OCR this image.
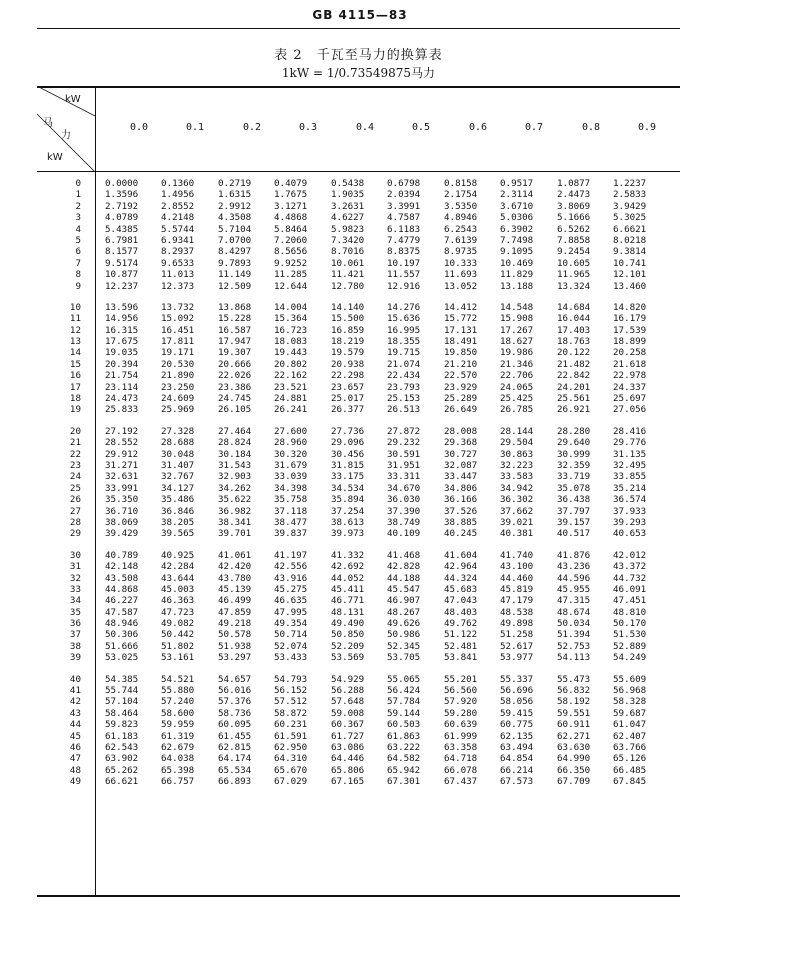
GB 4115—83
表 2　千瓦至马力的换算表
1kW = 1/0.73549875马力
kW
马
力
kW
0.0	0.1	0.2	0.3	0.4	0.5	0.6	0.7	0.8	0.9
0	0.0000	0.1360	0.2719	0.4079	0.5438	0.6798	0.8158	0.9517	1.0877	1.2237
1	1.3596	1.4956	1.6315	1.7675	1.9035	2.0394	2.1754	2.3114	2.4473	2.5833
2	2.7192	2.8552	2.9912	3.1271	3.2631	3.3991	3.5350	3.6710	3.8069	3.9429
3	4.0789	4.2148	4.3508	4.4868	4.6227	4.7587	4.8946	5.0306	5.1666	5.3025
4	5.4385	5.5744	5.7104	5.8464	5.9823	6.1183	6.2543	6.3902	6.5262	6.6621
5	6.7981	6.9341	7.0700	7.2060	7.3420	7.4779	7.6139	7.7498	7.8858	8.0218
6	8.1577	8.2937	8.4297	8.5656	8.7016	8.8375	8.9735	9.1095	9.2454	9.3814
7	9.5174	9.6533	9.7893	9.9252	10.061	10.197	10.333	10.469	10.605	10.741
8	10.877	11.013	11.149	11.285	11.421	11.557	11.693	11.829	11.965	12.101
9	12.237	12.373	12.509	12.644	12.780	12.916	13.052	13.188	13.324	13.460
10	13.596	13.732	13.868	14.004	14.140	14.276	14.412	14.548	14.684	14.820
11	14.956	15.092	15.228	15.364	15.500	15.636	15.772	15.908	16.044	16.179
12	16.315	16.451	16.587	16.723	16.859	16.995	17.131	17.267	17.403	17.539
13	17.675	17.811	17.947	18.083	18.219	18.355	18.491	18.627	18.763	18.899
14	19.035	19.171	19.307	19.443	19.579	19.715	19.850	19.986	20.122	20.258
15	20.394	20.530	20.666	20.802	20.938	21.074	21.210	21.346	21.482	21.618
16	21.754	21.890	22.026	22.162	22.298	22.434	22.570	22.706	22.842	22.978
17	23.114	23.250	23.386	23.521	23.657	23.793	23.929	24.065	24.201	24.337
18	24.473	24.609	24.745	24.881	25.017	25.153	25.289	25.425	25.561	25.697
19	25.833	25.969	26.105	26.241	26.377	26.513	26.649	26.785	26.921	27.056
20	27.192	27.328	27.464	27.600	27.736	27.872	28.008	28.144	28.280	28.416
21	28.552	28.688	28.824	28.960	29.096	29.232	29.368	29.504	29.640	29.776
22	29.912	30.048	30.184	30.320	30.456	30.591	30.727	30.863	30.999	31.135
23	31.271	31.407	31.543	31.679	31.815	31.951	32.087	32.223	32.359	32.495
24	32.631	32.767	32.903	33.039	33.175	33.311	33.447	33.583	33.719	33.855
25	33.991	34.127	34.262	34.398	34.534	34.670	34.806	34.942	35.078	35.214
26	35.350	35.486	35.622	35.758	35.894	36.030	36.166	36.302	36.438	36.574
27	36.710	36.846	36.982	37.118	37.254	37.390	37.526	37.662	37.797	37.933
28	38.069	38.205	38.341	38.477	38.613	38.749	38.885	39.021	39.157	39.293
29	39.429	39.565	39.701	39.837	39.973	40.109	40.245	40.381	40.517	40.653
30	40.789	40.925	41.061	41.197	41.332	41.468	41.604	41.740	41.876	42.012
31	42.148	42.284	42.420	42.556	42.692	42.828	42.964	43.100	43.236	43.372
32	43.508	43.644	43.780	43.916	44.052	44.188	44.324	44.460	44.596	44.732
33	44.868	45.003	45.139	45.275	45.411	45.547	45.683	45.819	45.955	46.091
34	46.227	46.363	46.499	46.635	46.771	46.907	47.043	47.179	47.315	47.451
35	47.587	47.723	47.859	47.995	48.131	48.267	48.403	48.538	48.674	48.810
36	48.946	49.082	49.218	49.354	49.490	49.626	49.762	49.898	50.034	50.170
37	50.306	50.442	50.578	50.714	50.850	50.986	51.122	51.258	51.394	51.530
38	51.666	51.802	51.938	52.074	52.209	52.345	52.481	52.617	52.753	52.889
39	53.025	53.161	53.297	53.433	53.569	53.705	53.841	53.977	54.113	54.249
40	54.385	54.521	54.657	54.793	54.929	55.065	55.201	55.337	55.473	55.609
41	55.744	55.880	56.016	56.152	56.288	56.424	56.560	56.696	56.832	56.968
42	57.104	57.240	57.376	57.512	57.648	57.784	57.920	58.056	58.192	58.328
43	58.464	58.600	58.736	58.872	59.008	59.144	59.280	59.415	59.551	59.687
44	59.823	59.959	60.095	60.231	60.367	60.503	60.639	60.775	60.911	61.047
45	61.183	61.319	61.455	61.591	61.727	61.863	61.999	62.135	62.271	62.407
46	62.543	62.679	62.815	62.950	63.086	63.222	63.358	63.494	63.630	63.766
47	63.902	64.038	64.174	64.310	64.446	64.582	64.718	64.854	64.990	65.126
48	65.262	65.398	65.534	65.670	65.806	65.942	66.078	66.214	66.350	66.485
49	66.621	66.757	66.893	67.029	67.165	67.301	67.437	67.573	67.709	67.845
